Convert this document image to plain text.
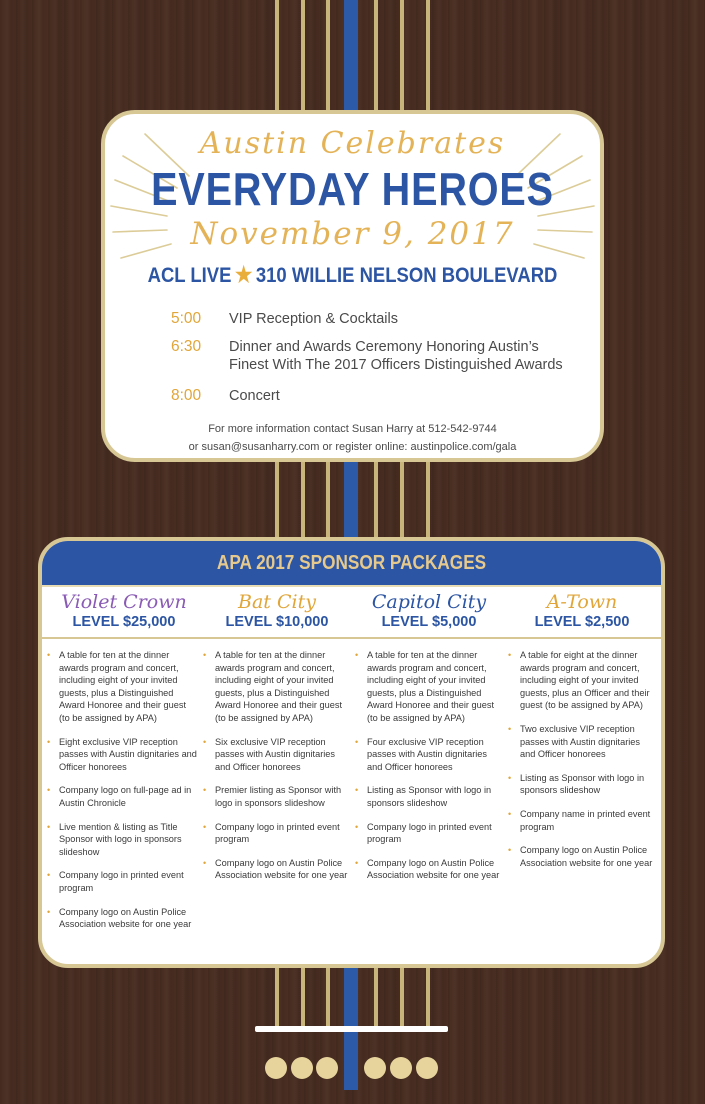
Austin Celebrates
EVERYDAY HEROES
November 9, 2017
ACL LIVE ★ 310 WILLIE NELSON BOULEVARD
5:00	VIP Reception & Cocktails
6:30	Dinner and Awards Ceremony Honoring Austin’s Finest With The 2017 Officers Distinguished Awards
8:00	Concert
For more information contact Susan Harry at 512-542-9744
or susan@susanharry.com or register online: austinpolice.com/gala
APA 2017 SPONSOR PACKAGES
Violet Crown
LEVEL $25,000
• A table for ten at the dinner awards program and concert, including eight of your invited guests, plus a Distinguished Award Honoree and their guest (to be assigned by APA)
• Eight exclusive VIP reception passes with Austin dignitaries and Officer honorees
• Company logo on full-page ad in Austin Chronicle
• Live mention & listing as Title Sponsor with logo in sponsors slideshow
• Company logo in printed event program
• Company logo on Austin Police Association website for one year
Bat City
LEVEL $10,000
• A table for ten at the dinner awards program and concert, including eight of your invited guests, plus a Distinguished Award Honoree and their guest (to be assigned by APA)
• Six exclusive VIP reception passes with Austin dignitaries and Officer honorees
• Premier listing as Sponsor with logo in sponsors slideshow
• Company logo in printed event program
• Company logo on Austin Police Association website for one year
Capitol City
LEVEL $5,000
• A table for ten at the dinner awards program and concert, including eight of your invited guests, plus a Distinguished Award Honoree and their guest (to be assigned by APA)
• Four exclusive VIP reception passes with Austin dignitaries and Officer honorees
• Listing as Sponsor with logo in sponsors slideshow
• Company logo in printed event program
• Company logo on Austin Police Association website for one year
A-Town
LEVEL $2,500
• A table for eight at the dinner awards program and concert, including eight of your invited guests, plus an Officer and their guest (to be assigned by APA)
• Two exclusive VIP reception passes with Austin dignitaries and Officer honorees
• Listing as Sponsor with logo in sponsors slideshow
• Company name in printed event program
• Company logo on Austin Police Association website for one year
